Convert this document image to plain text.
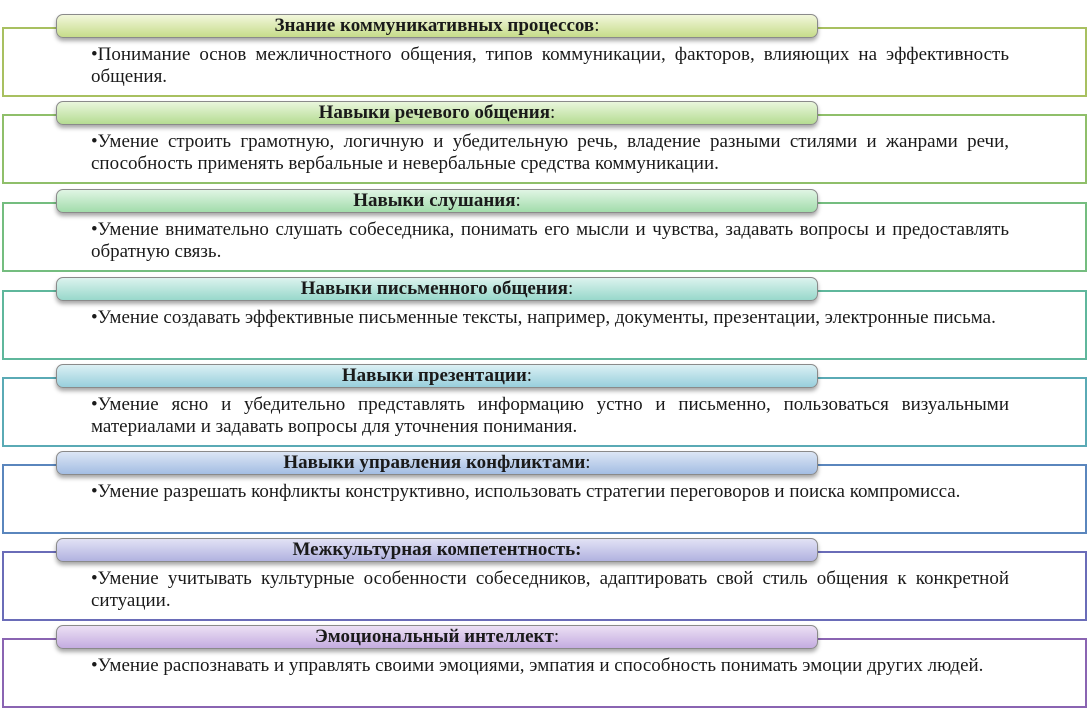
•Понимание основ межличностного общения, типов коммуникации, факторов, влияющих на эффективность общения.
Знание коммуникативных процессов:
•Умение строить грамотную, логичную и убедительную речь, владение разными стилями и жанрами речи, способность применять вербальные и невербальные средства коммуникации.
Навыки речевого общения:
•Умение внимательно слушать собеседника, понимать его мысли и чувства, задавать вопросы и предоставлять обратную связь.
Навыки слушания:
•Умение создавать эффективные письменные тексты, например, документы, презентации, электронные письма.
Навыки письменного общения:
•Умение ясно и убедительно представлять информацию устно и письменно, пользоваться визуальными материалами и задавать вопросы для уточнения понимания.
Навыки презентации:
•Умение разрешать конфликты конструктивно, использовать стратегии переговоров и поиска компромисса.
Навыки управления конфликтами:
•Умение учитывать культурные особенности собеседников, адаптировать свой стиль общения к конкретной ситуации.
Межкультурная компетентность:
•Умение распознавать и управлять своими эмоциями, эмпатия и способность понимать эмоции других людей.
Эмоциональный интеллект:
